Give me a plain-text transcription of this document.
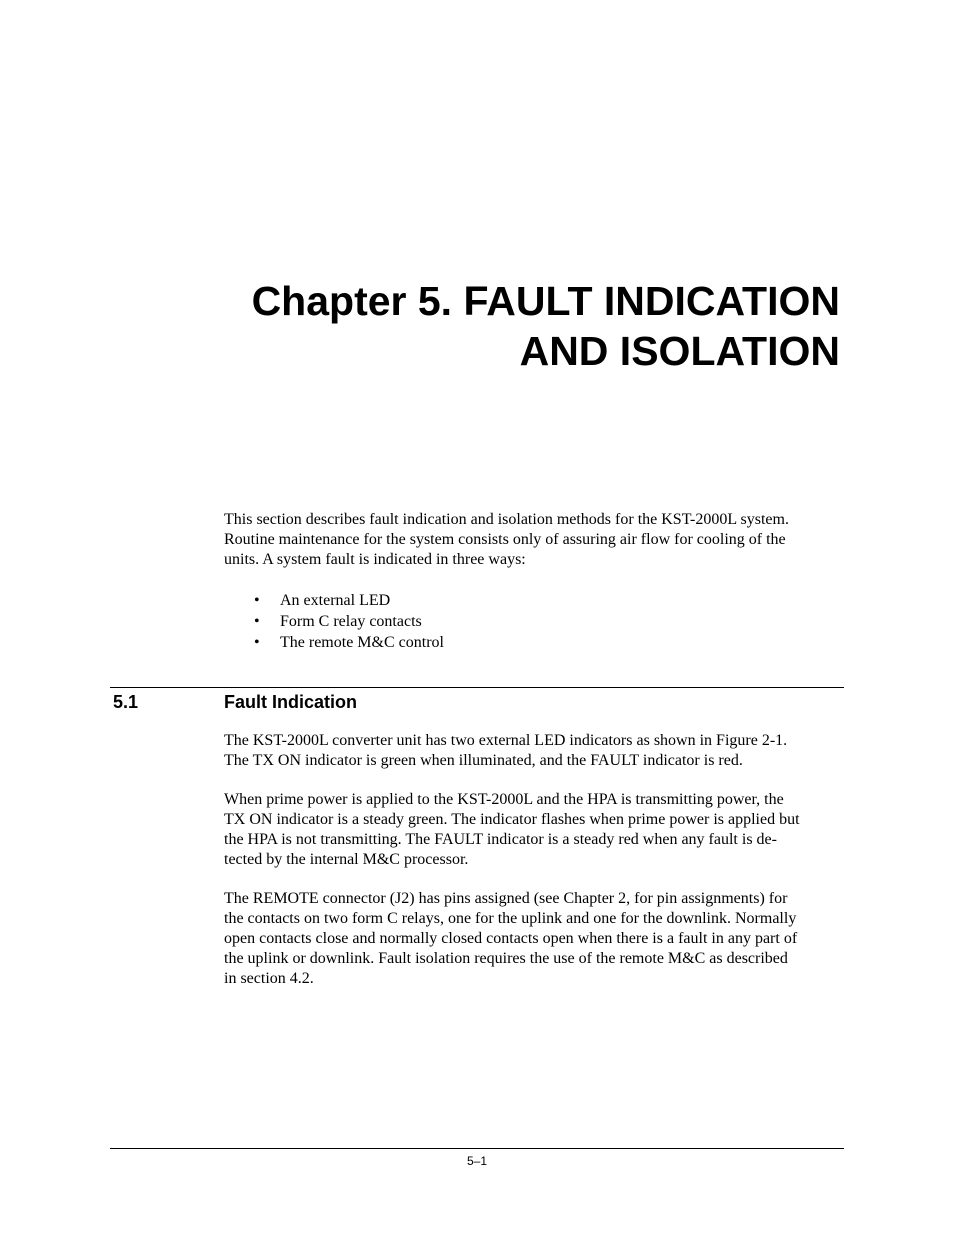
Chapter 5. FAULT INDICATION
AND ISOLATION

This section describes fault indication and isolation methods for the KST-2000L system.
Routine maintenance for the system consists only of assuring air flow for cooling of the
units. A system fault is indicated in three ways:

• An external LED
• Form C relay contacts
• The remote M&C control
5.1	Fault Indication

The KST-2000L converter unit has two external LED indicators as shown in Figure 2-1.
The TX ON indicator is green when illuminated, and the FAULT indicator is red.

When prime power is applied to the KST-2000L and the HPA is transmitting power, the
TX ON indicator is a steady green. The indicator flashes when prime power is applied but
the HPA is not transmitting. The FAULT indicator is a steady red when any fault is de-
tected by the internal M&C processor.

The REMOTE connector (J2) has pins assigned (see Chapter 2, for pin assignments) for
the contacts on two form C relays, one for the uplink and one for the downlink. Normally
open contacts close and normally closed contacts open when there is a fault in any part of
the uplink or downlink. Fault isolation requires the use of the remote M&C as described
in section 4.2.

5–1
